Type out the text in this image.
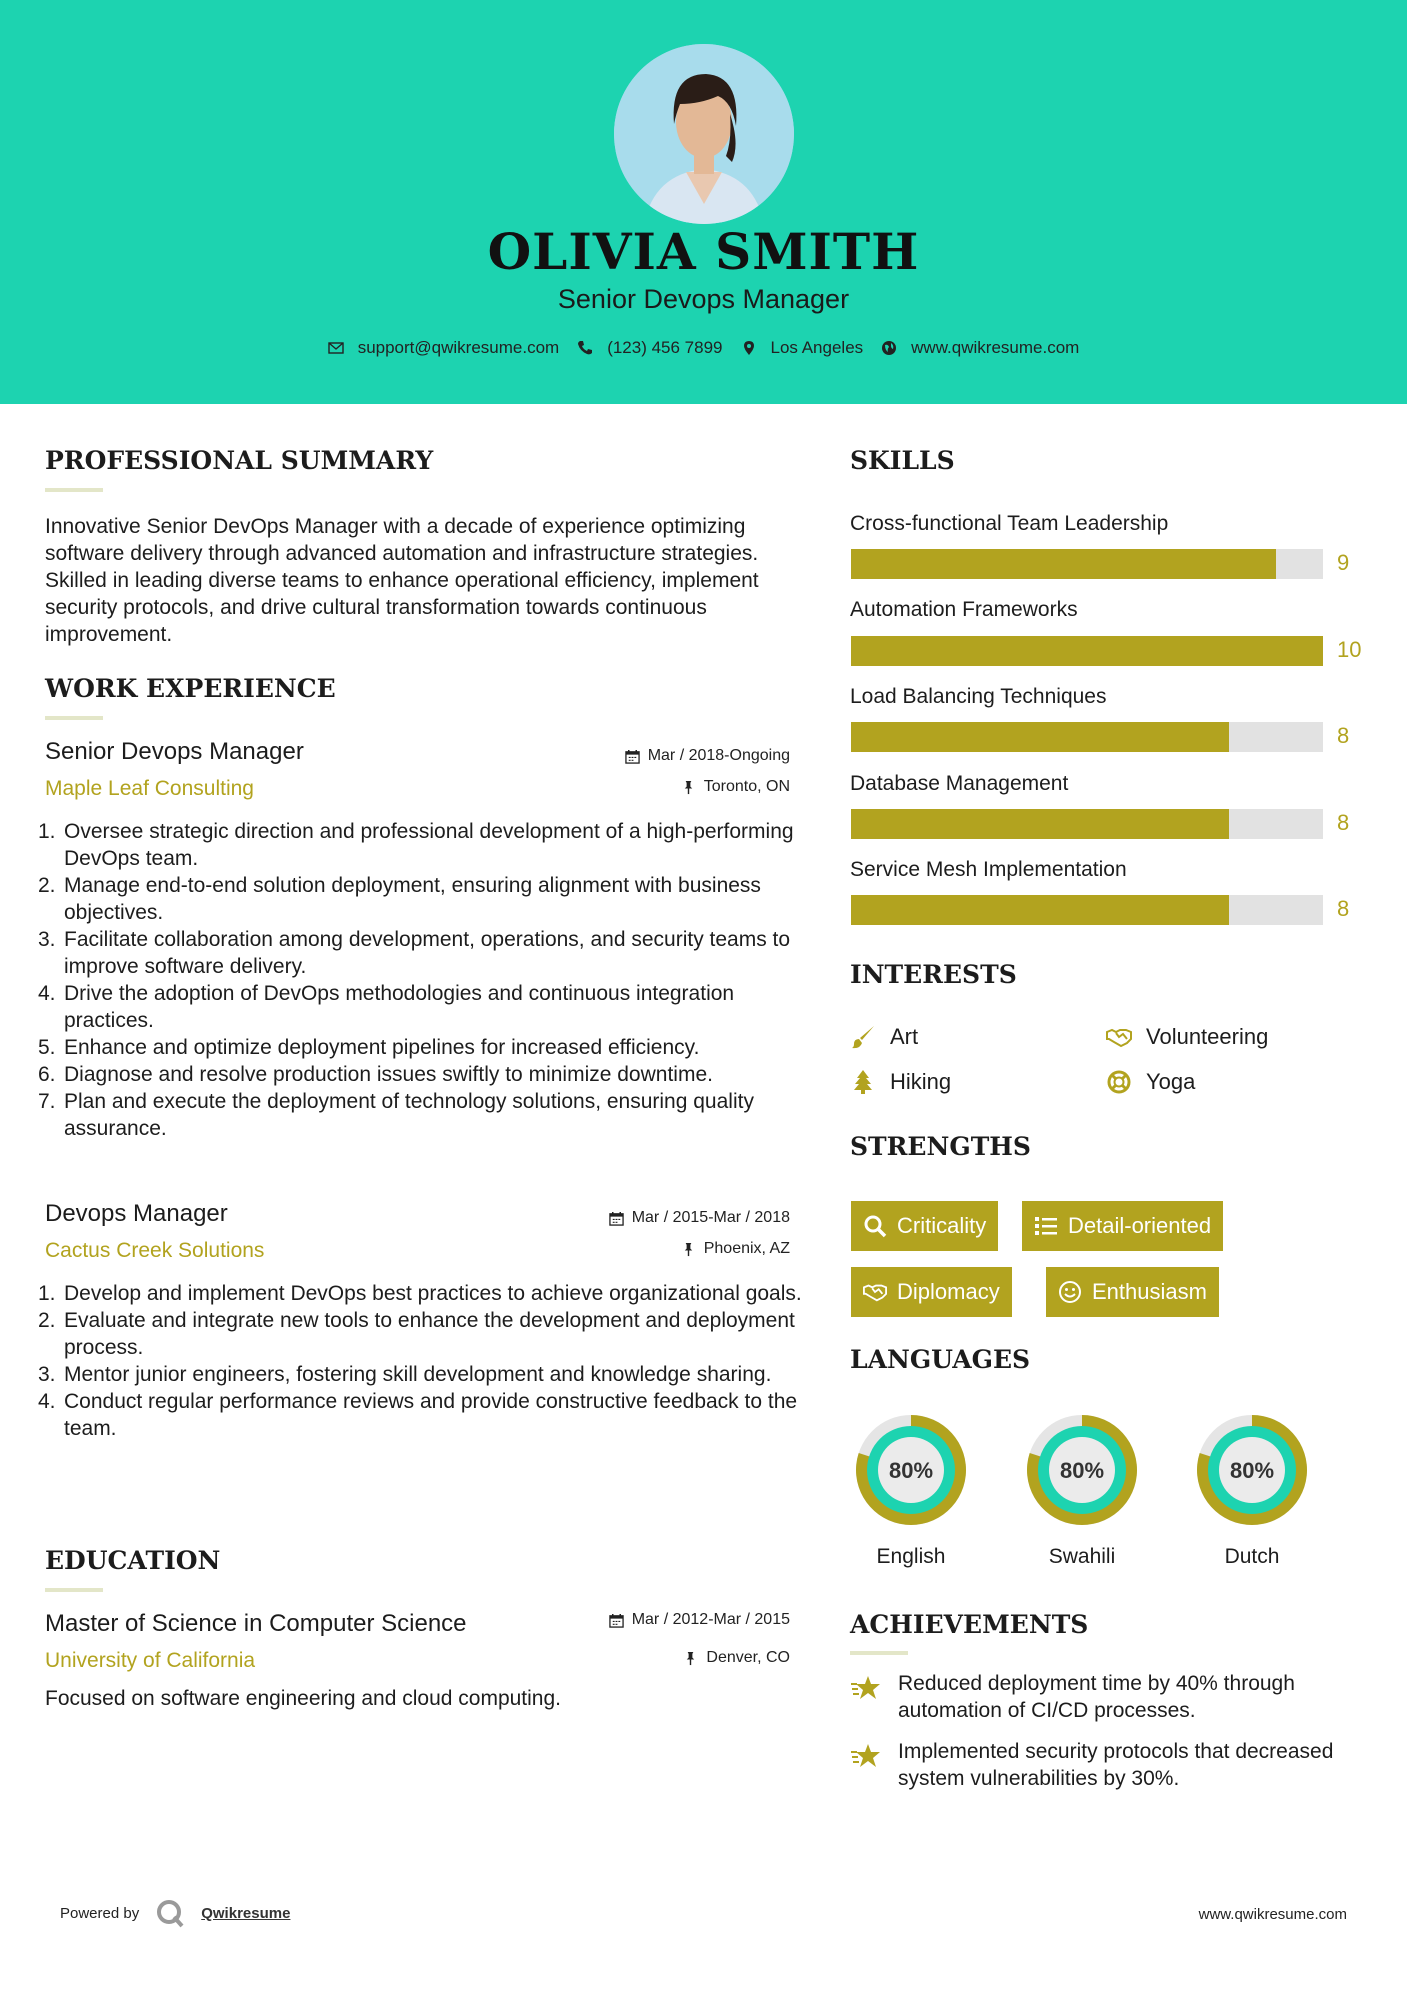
OLIVIA SMITH
Senior Devops Manager
support@qwikresume.com	(123) 456 7899	Los Angeles	www.qwikresume.com
PROFESSIONAL SUMMARY
Innovative Senior DevOps Manager with a decade of experience optimizing software delivery through advanced automation and infrastructure strategies. Skilled in leading diverse teams to enhance operational efficiency, implement security protocols, and drive cultural transformation towards continuous improvement.
WORK EXPERIENCE
Senior Devops Manager
Maple Leaf Consulting
Mar / 2018-Ongoing
Toronto, ON
1. Oversee strategic direction and professional development of a high-performing DevOps team.
2. Manage end-to-end solution deployment, ensuring alignment with business objectives.
3. Facilitate collaboration among development, operations, and security teams to improve software delivery.
4. Drive the adoption of DevOps methodologies and continuous integration practices.
5. Enhance and optimize deployment pipelines for increased efficiency.
6. Diagnose and resolve production issues swiftly to minimize downtime.
7. Plan and execute the deployment of technology solutions, ensuring quality assurance.
Devops Manager
Cactus Creek Solutions
Mar / 2015-Mar / 2018
Phoenix, AZ
1. Develop and implement DevOps best practices to achieve organizational goals.
2. Evaluate and integrate new tools to enhance the development and deployment process.
3. Mentor junior engineers, fostering skill development and knowledge sharing.
4. Conduct regular performance reviews and provide constructive feedback to the team.
EDUCATION
Master of Science in Computer Science
University of California
Mar / 2012-Mar / 2015
Denver, CO
Focused on software engineering and cloud computing.
SKILLS
Cross-functional Team Leadership
9
Automation Frameworks
10
Load Balancing Techniques
8
Database Management
8
Service Mesh Implementation
8
INTERESTS
Art	Volunteering
Hiking	Yoga
STRENGTHS
Criticality	Detail-oriented
Diplomacy	Enthusiasm
LANGUAGES
80%
English
80%
Swahili
80%
Dutch
ACHIEVEMENTS
Reduced deployment time by 40% through automation of CI/CD processes.
Implemented security protocols that decreased system vulnerabilities by 30%.
Powered by	Qwikresume	www.qwikresume.com
